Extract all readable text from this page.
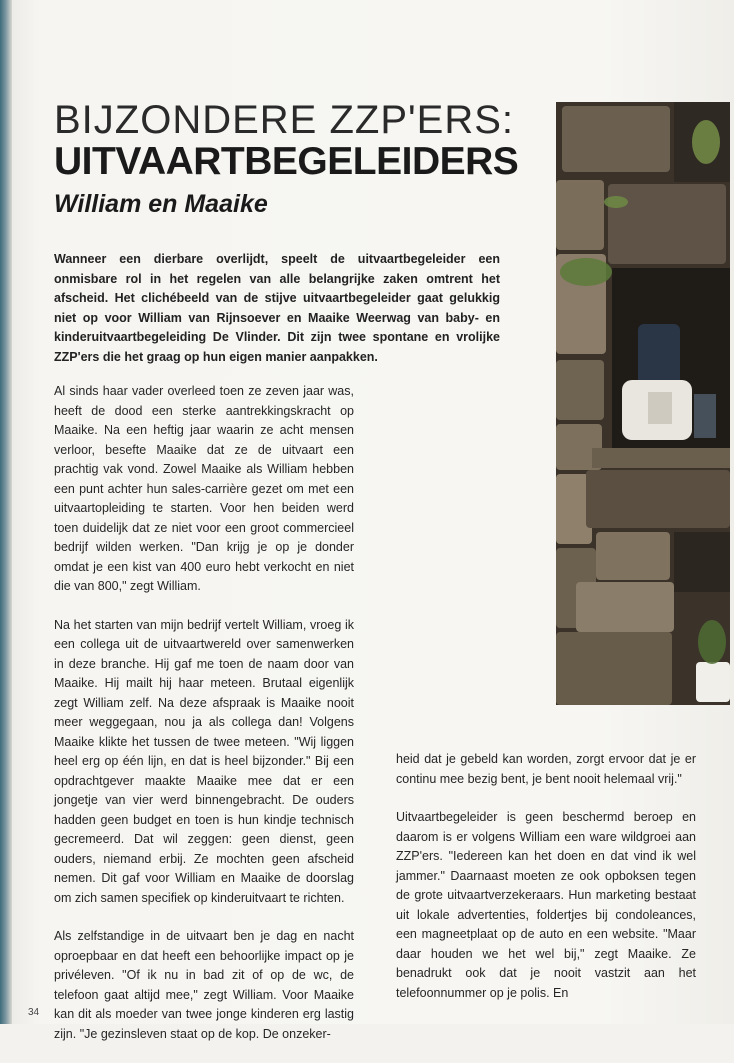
BIJZONDERE ZZP'ERS:
UITVAARTBEGELEIDERS
William en Maaike
Wanneer een dierbare overlijdt, speelt de uitvaartbegeleider een onmisbare rol in het regelen van alle belangrijke zaken omtrent het afscheid. Het clichébeeld van de stijve uitvaartbegeleider gaat gelukkig niet op voor William van Rijnsoever en Maaike Weerwag van baby- en kinderuitvaartbegeleiding De Vlinder. Dit zijn twee spontane en vrolijke ZZP'ers die het graag op hun eigen manier aanpakken.

Al sinds haar vader overleed toen ze zeven jaar was, heeft de dood een sterke aantrekkingskracht op Maaike. Na een heftig jaar waarin ze acht mensen verloor, besefte Maaike dat ze de uitvaart een prachtig vak vond. Zowel Maaike als William hebben een punt achter hun sales-carrière gezet om met een uitvaartopleiding te starten. Voor hen beiden werd toen duidelijk dat ze niet voor een groot commercieel bedrijf wilden werken. "Dan krijg je op je donder omdat je een kist van 400 euro hebt verkocht en niet die van 800," zegt William.

Na het starten van mijn bedrijf vertelt William, vroeg ik een collega uit de uitvaartwereld over samenwerken in deze branche. Hij gaf me toen de naam door van Maaike. Hij mailt hij haar meteen. Brutaal eigenlijk zegt William zelf. Na deze afspraak is Maaike nooit meer weggegaan, nou ja als collega dan! Volgens Maaike klikte het tussen de twee meteen. "Wij liggen heel erg op één lijn, en dat is heel bijzonder." Bij een opdrachtgever maakte Maaike mee dat er een jongetje van vier werd binnengebracht. De ouders hadden geen budget en toen is hun kindje technisch gecremeerd. Dat wil zeggen: geen dienst, geen ouders, niemand erbij. Ze mochten geen afscheid nemen. Dit gaf voor William en Maaike de doorslag om zich samen specifiek op kinderuitvaart te richten.

Als zelfstandige in de uitvaart ben je dag en nacht oproepbaar en dat heeft een behoorlijke impact op je privéleven. "Of ik nu in bad zit of op de wc, de telefoon gaat altijd mee," zegt William. Voor Maaike kan dit als moeder van twee jonge kinderen erg lastig zijn. "Je gezinsleven staat op de kop. De onzeker-

heid dat je gebeld kan worden, zorgt ervoor dat je er continu mee bezig bent, je bent nooit helemaal vrij."

Uitvaartbegeleider is geen beschermd beroep en daarom is er volgens William een ware wildgroei aan ZZP'ers. "Iedereen kan het doen en dat vind ik wel jammer." Daarnaast moeten ze ook opboksen tegen de grote uitvaartverzekeraars. Hun marketing bestaat uit lokale advertenties, foldertjes bij condoleances, een magneetplaat op de auto en een website. "Maar daar houden we het wel bij," zegt Maaike. Ze benadrukt ook dat je nooit vastzit aan het telefoonnummer op je polis. En

34
